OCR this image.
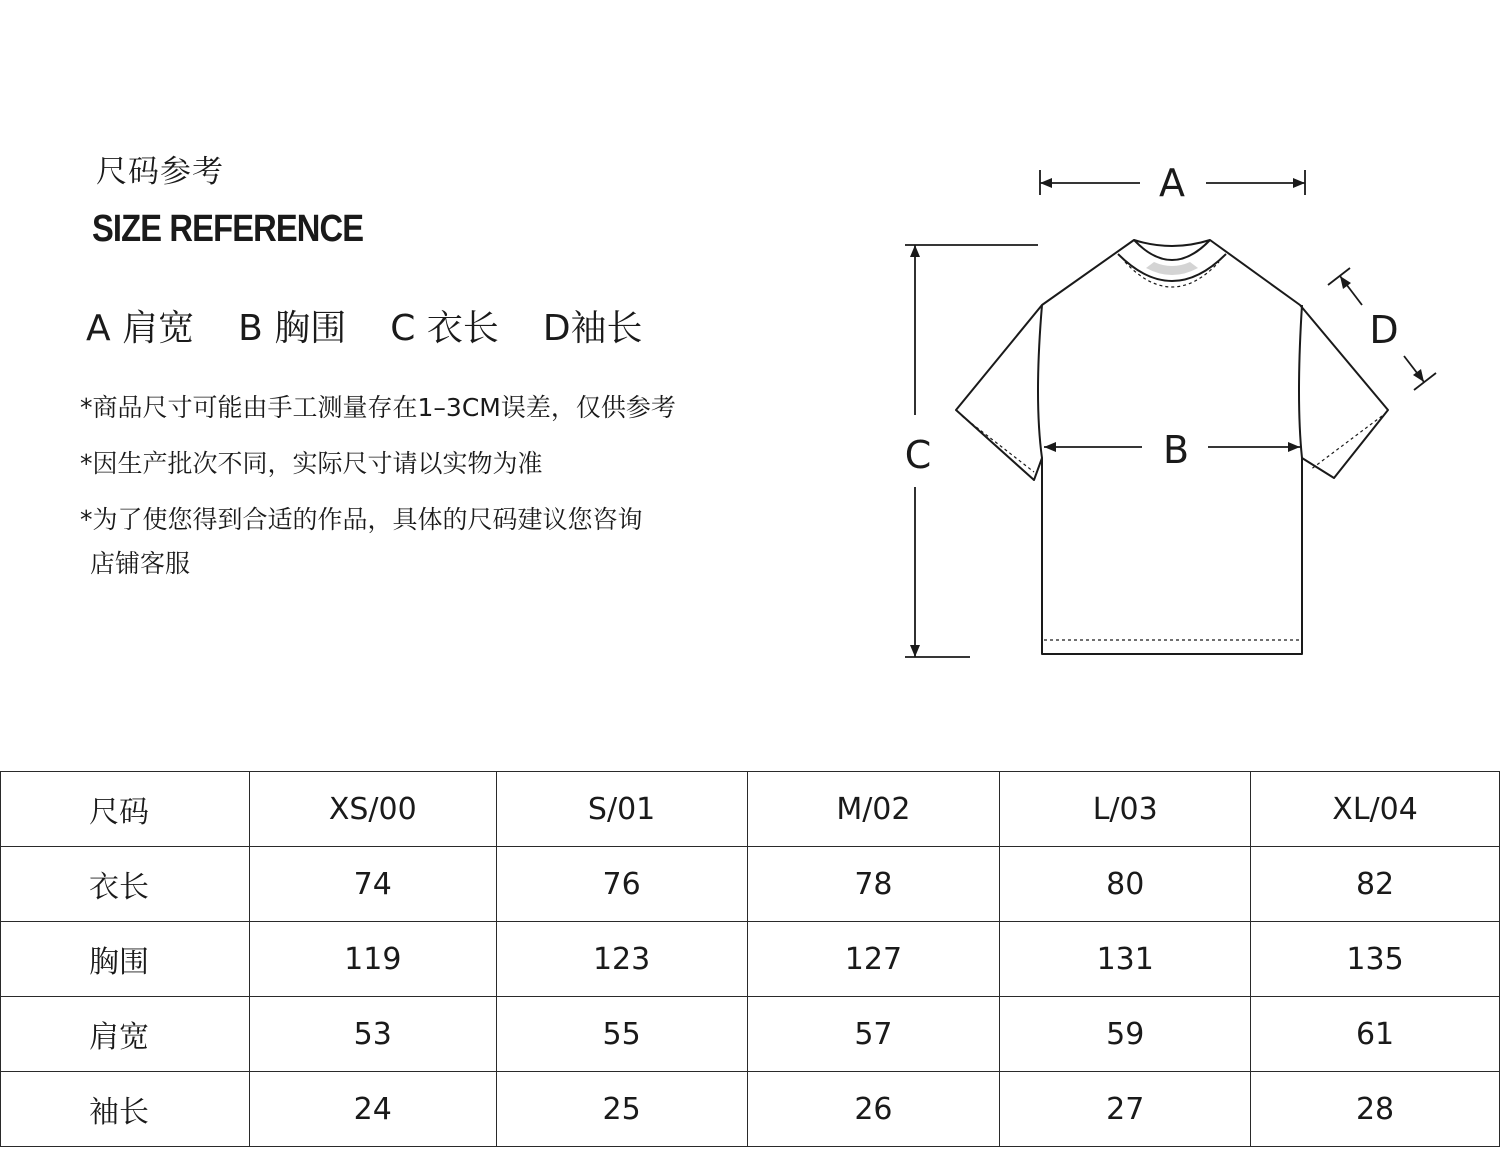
尺码参考
SIZE REFERENCE
A 肩宽 B 胸围 C 衣长 D袖长

*商品尺寸可能由手工测量存在1–3CM误差，仅供参考

*因生产批次不同，实际尺寸请以实物为准

*为了使您得到合适的作品，具体的尺码建议您咨询

店铺客服

A
B
C
D
尺码	XS/00	S/01	M/02	L/03	XL/04
衣长	74	76	78	80	82
胸围	119	123	127	131	135
肩宽	53	55	57	59	61
袖长	24	25	26	27	28
